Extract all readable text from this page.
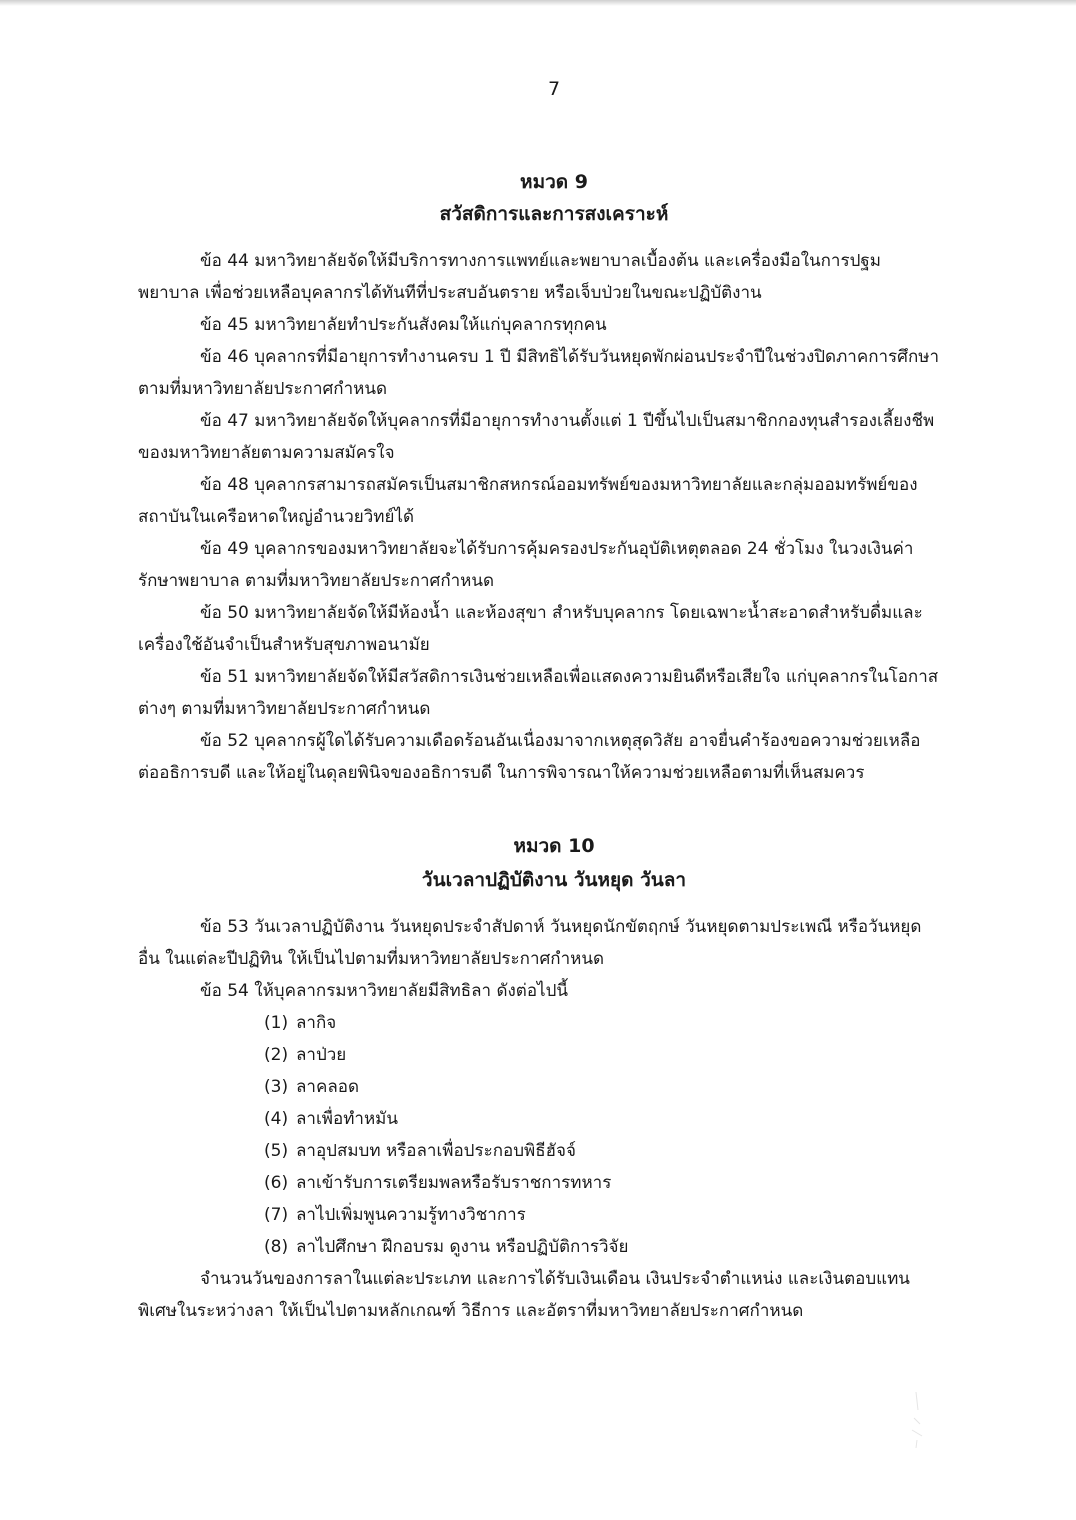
7
หมวด 9
สวัสดิการและการสงเคราะห์
ข้อ 44 มหาวิทยาลัยจัดให้มีบริการทางการแพทย์และพยาบาลเบื้องต้น และเครื่องมือในการปฐม
พยาบาล เพื่อช่วยเหลือบุคลากรได้ทันทีที่ประสบอันตราย หรือเจ็บป่วยในขณะปฏิบัติงาน
ข้อ 45 มหาวิทยาลัยทำประกันสังคมให้แก่บุคลากรทุกคน
ข้อ 46 บุคลากรที่มีอายุการทำงานครบ 1 ปี มีสิทธิได้รับวันหยุดพักผ่อนประจำปีในช่วงปิดภาคการศึกษา
ตามที่มหาวิทยาลัยประกาศกำหนด
ข้อ 47 มหาวิทยาลัยจัดให้บุคลากรที่มีอายุการทำงานตั้งแต่ 1 ปีขึ้นไปเป็นสมาชิกกองทุนสำรองเลี้ยงชีพ
ของมหาวิทยาลัยตามความสมัครใจ
ข้อ 48 บุคลากรสามารถสมัครเป็นสมาชิกสหกรณ์ออมทรัพย์ของมหาวิทยาลัยและกลุ่มออมทรัพย์ของ
สถาบันในเครือหาดใหญ่อำนวยวิทย์ได้
ข้อ 49 บุคลากรของมหาวิทยาลัยจะได้รับการคุ้มครองประกันอุบัติเหตุตลอด 24 ชั่วโมง ในวงเงินค่า
รักษาพยาบาล ตามที่มหาวิทยาลัยประกาศกำหนด
ข้อ 50 มหาวิทยาลัยจัดให้มีห้องน้ำ และห้องสุขา สำหรับบุคลากร โดยเฉพาะน้ำสะอาดสำหรับดื่มและ
เครื่องใช้อันจำเป็นสำหรับสุขภาพอนามัย
ข้อ 51 มหาวิทยาลัยจัดให้มีสวัสดิการเงินช่วยเหลือเพื่อแสดงความยินดีหรือเสียใจ แก่บุคลากรในโอกาส
ต่างๆ ตามที่มหาวิทยาลัยประกาศกำหนด
ข้อ 52 บุคลากรผู้ใดได้รับความเดือดร้อนอันเนื่องมาจากเหตุสุดวิสัย อาจยื่นคำร้องขอความช่วยเหลือ
ต่ออธิการบดี และให้อยู่ในดุลยพินิจของอธิการบดี ในการพิจารณาให้ความช่วยเหลือตามที่เห็นสมควร
หมวด 10
วันเวลาปฏิบัติงาน วันหยุด วันลา
ข้อ 53 วันเวลาปฏิบัติงาน วันหยุดประจำสัปดาห์ วันหยุดนักขัตฤกษ์ วันหยุดตามประเพณี หรือวันหยุด
อื่น ในแต่ละปีปฏิทิน ให้เป็นไปตามที่มหาวิทยาลัยประกาศกำหนด
ข้อ 54 ให้บุคลากรมหาวิทยาลัยมีสิทธิลา ดังต่อไปนี้
(1) ลากิจ
(2) ลาป่วย
(3) ลาคลอด
(4) ลาเพื่อทำหมัน
(5) ลาอุปสมบท หรือลาเพื่อประกอบพิธีฮัจจ์
(6) ลาเข้ารับการเตรียมพลหรือรับราชการทหาร
(7) ลาไปเพิ่มพูนความรู้ทางวิชาการ
(8) ลาไปศึกษา ฝึกอบรม ดูงาน หรือปฏิบัติการวิจัย
จำนวนวันของการลาในแต่ละประเภท และการได้รับเงินเดือน เงินประจำตำแหน่ง และเงินตอบแทน
พิเศษในระหว่างลา ให้เป็นไปตามหลักเกณฑ์ วิธีการ และอัตราที่มหาวิทยาลัยประกาศกำหนด
